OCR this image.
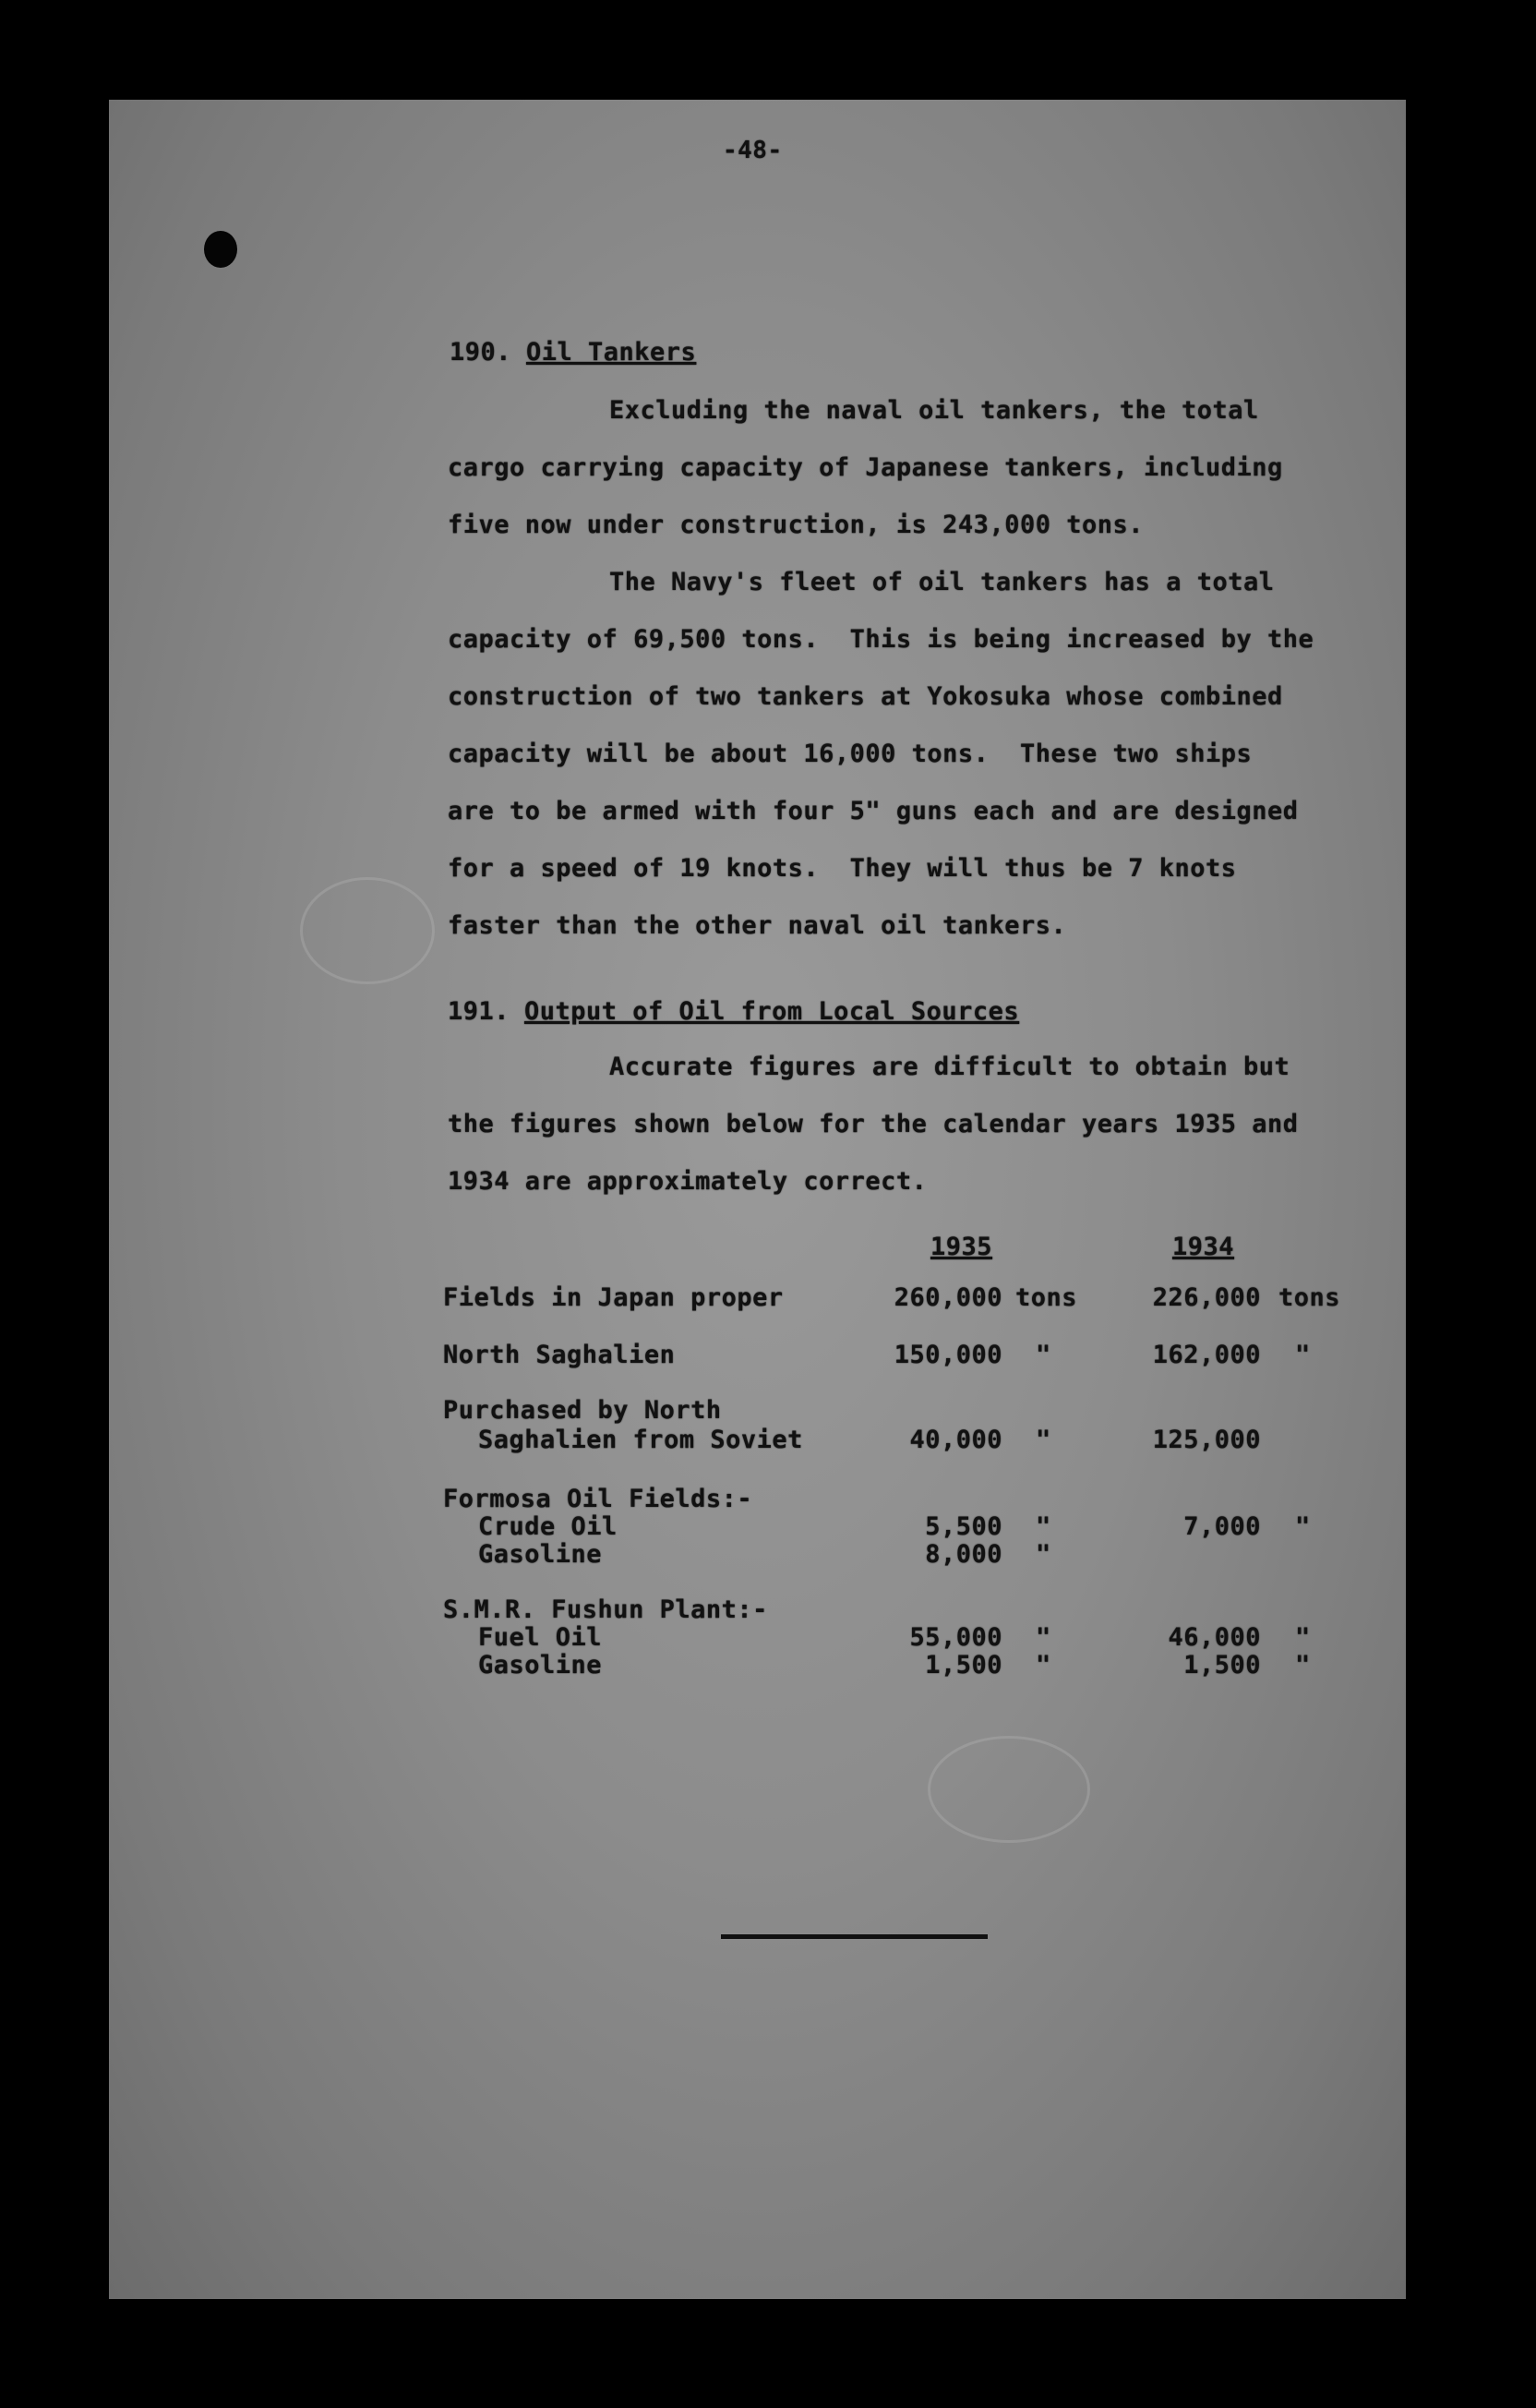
-48-
190. Oil Tankers
Excluding the naval oil tankers, the total
cargo carrying capacity of Japanese tankers, including
five now under construction, is 243,000 tons.
The Navy's fleet of oil tankers has a total
capacity of 69,500 tons.  This is being increased by the
construction of two tankers at Yokosuka whose combined
capacity will be about 16,000 tons.  These two ships
are to be armed with four 5" guns each and are designed
for a speed of 19 knots.  They will thus be 7 knots
faster than the other naval oil tankers.
191. Output of Oil from Local Sources
Accurate figures are difficult to obtain but
the figures shown below for the calendar years 1935 and
1934 are approximately correct.
1935	1934
Fields in Japan proper	260,000 tons	226,000 tons
North Saghalien	150,000 "	162,000 "
Purchased by North
Saghalien from Soviet	40,000 "	125,000
Formosa Oil Fields:-
Crude Oil	5,500 "	7,000 "
Gasoline	8,000 "
S.M.R. Fushun Plant:-
Fuel Oil	55,000 "	46,000 "
Gasoline	1,500 "	1,500 "
